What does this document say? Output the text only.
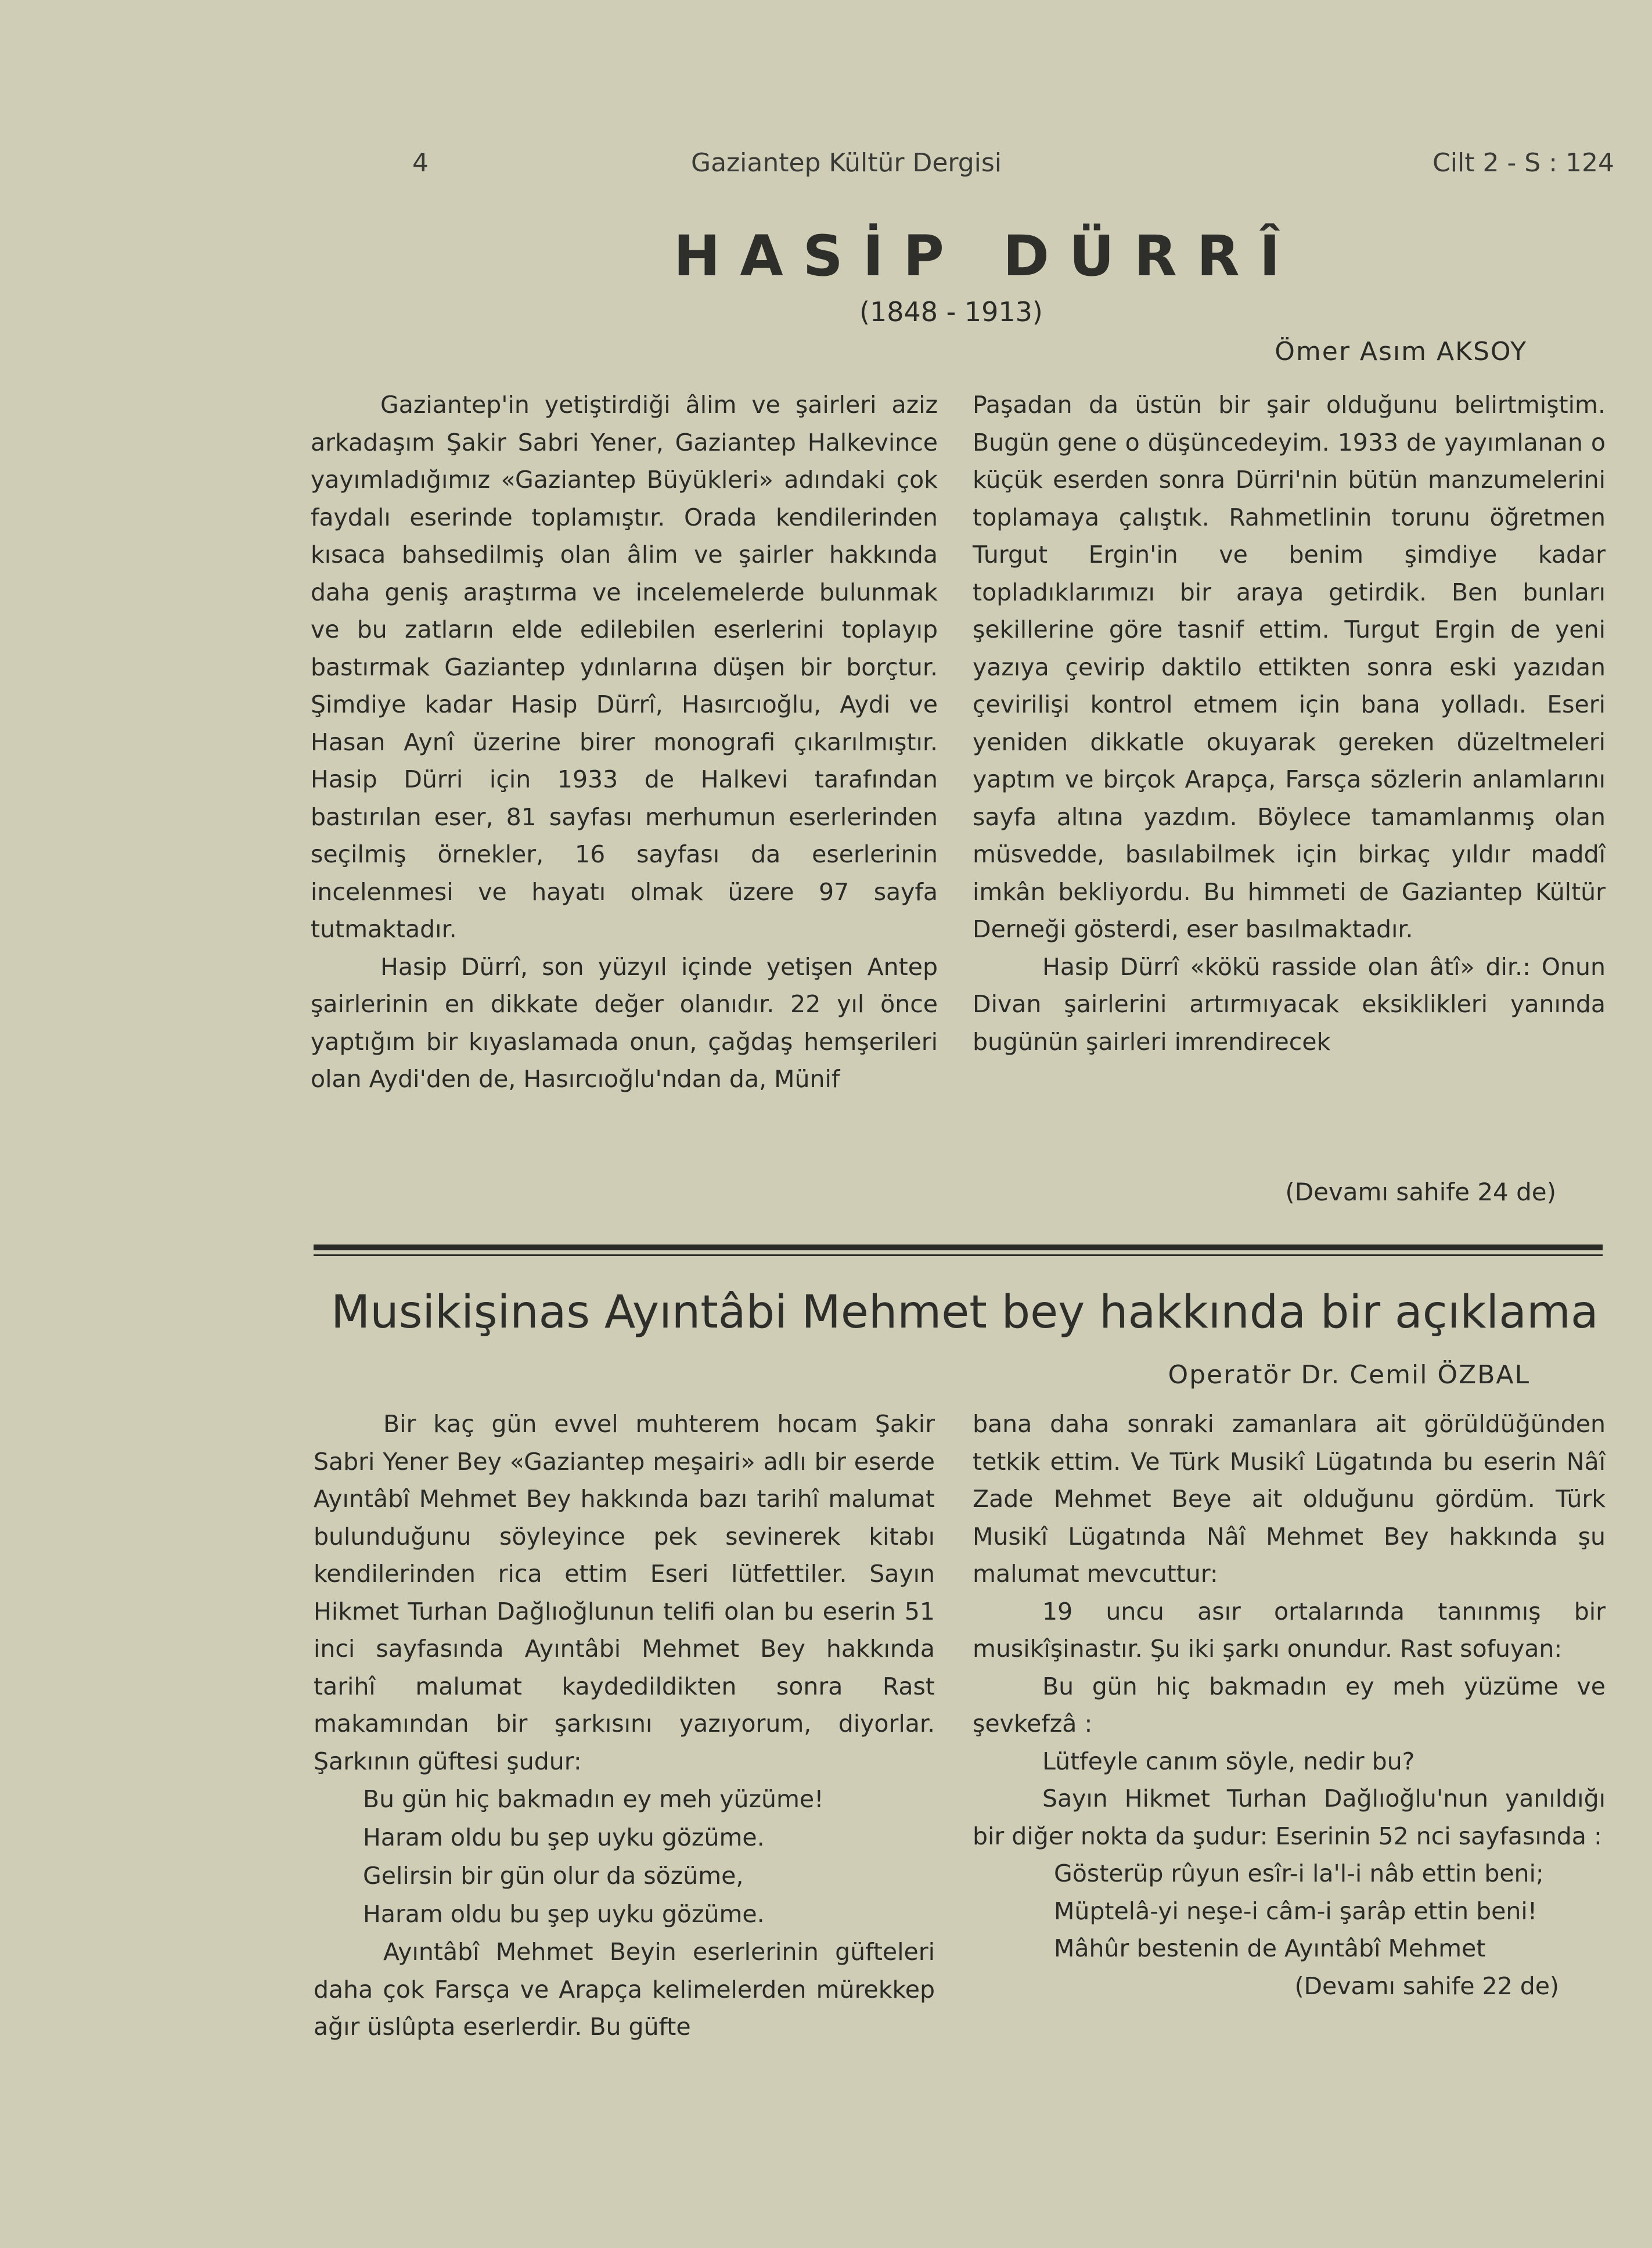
4	Gaziantep Kültür Dergisi	Cilt 2 - S : 124
HASİP DÜRRÎ
(1848 - 1913)
Ömer Asım AKSOY

Gaziantep'in yetiştirdiği âlim ve şairleri aziz arkadaşım Şakir Sabri Yener, Gaziantep Halkevince yayımladığımız «Gaziantep Büyükleri» adındaki çok faydalı eserinde toplamıştır. Orada kendilerinden kısaca bahsedilmiş olan âlim ve şairler hakkında daha geniş araştırma ve incelemelerde bulunmak ve bu zatların elde edilebilen eserlerini toplayıp bastırmak Gaziantep ydınlarına düşen bir borçtur. Şimdiye kadar Hasip Dürrî, Hasırcıoğlu, Aydi ve Hasan Aynî üzerine birer monografi çıkarılmıştır. Hasip Dürri için 1933 de Halkevi tarafından bastırılan eser, 81 sayfası merhumun eserlerinden seçilmiş örnekler, 16 sayfası da eserlerinin incelenmesi ve hayatı olmak üzere 97 sayfa tutmaktadır.

Hasip Dürrî, son yüzyıl içinde yetişen Antep şairlerinin en dikkate değer olanıdır. 22 yıl önce yaptığım bir kıyaslamada onun, çağdaş hemşerileri olan Aydi'den de, Hasırcıoğlu'ndan da, Münif

Paşadan da üstün bir şair olduğunu belirtmiştim. Bugün gene o düşüncedeyim. 1933 de yayımlanan o küçük eserden sonra Dürri'nin bütün manzumelerini toplamaya çalıştık. Rahmetlinin torunu öğretmen Turgut Ergin'in ve benim şimdiye kadar topladıklarımızı bir araya getirdik. Ben bunları şekillerine göre tasnif ettim. Turgut Ergin de yeni yazıya çevirip daktilo ettikten sonra eski yazıdan çevirilişi kontrol etmem için bana yolladı. Eseri yeniden dikkatle okuyarak gereken düzeltmeleri yaptım ve birçok Arapça, Farsça sözlerin anlamlarını sayfa altına yazdım. Böylece tamamlanmış olan müsvedde, basılabilmek için birkaç yıldır maddî imkân bekliyordu. Bu himmeti de Gaziantep Kültür Derneği gösterdi, eser basılmaktadır.

Hasip Dürrî «kökü rasside olan âtî» dir.: Onun Divan şairlerini artırmıyacak eksiklikleri yanında bugünün şairleri imrendirecek

(Devamı sahife 24 de)
Musikişinas Ayıntâbi Mehmet bey hakkında bir açıklama
Operatör Dr. Cemil ÖZBAL

Bir kaç gün evvel muhterem hocam Şakir Sabri Yener Bey «Gaziantep meşairi» adlı bir eserde Ayıntâbî Mehmet Bey hakkında bazı tarihî malumat bulunduğunu söyleyince pek sevinerek kitabı kendilerinden rica ettim Eseri lütfettiler. Sayın Hikmet Turhan Dağlıoğlunun telifi olan bu eserin 51 inci sayfasında Ayıntâbi Mehmet Bey hakkında tarihî malumat kaydedildikten sonra Rast makamından bir şarkısını yazıyorum, diyorlar. Şarkının güftesi şudur:

Bu gün hiç bakmadın ey meh yüzüme!
Haram oldu bu şep uyku gözüme.
Gelirsin bir gün olur da sözüme,
Haram oldu bu şep uyku gözüme.

Ayıntâbî Mehmet Beyin eserlerinin güfteleri daha çok Farsça ve Arapça kelimelerden mürekkep ağır üslûpta eserlerdir. Bu güfte

bana daha sonraki zamanlara ait görüldüğünden tetkik ettim. Ve Türk Musikî Lügatında bu eserin Nâî Zade Mehmet Beye ait olduğunu gördüm. Türk Musikî Lügatında Nâî Mehmet Bey hakkında şu malumat mevcuttur:

19 uncu asır ortalarında tanınmış bir musikîşinastır. Şu iki şarkı onundur. Rast sofuyan:

Bu gün hiç bakmadın ey meh yüzüme ve şevkefzâ :

Lütfeyle canım söyle, nedir bu?

Sayın Hikmet Turhan Dağlıoğlu'nun yanıldığı bir diğer nokta da şudur: Eserinin 52 nci sayfasında :

Gösterüp rûyun esîr-i la'l-i nâb ettin beni;

Müptelâ-yi neşe-i câm-i şarâp ettin beni!

Mâhûr bestenin de Ayıntâbî Mehmet

(Devamı sahife 22 de)
